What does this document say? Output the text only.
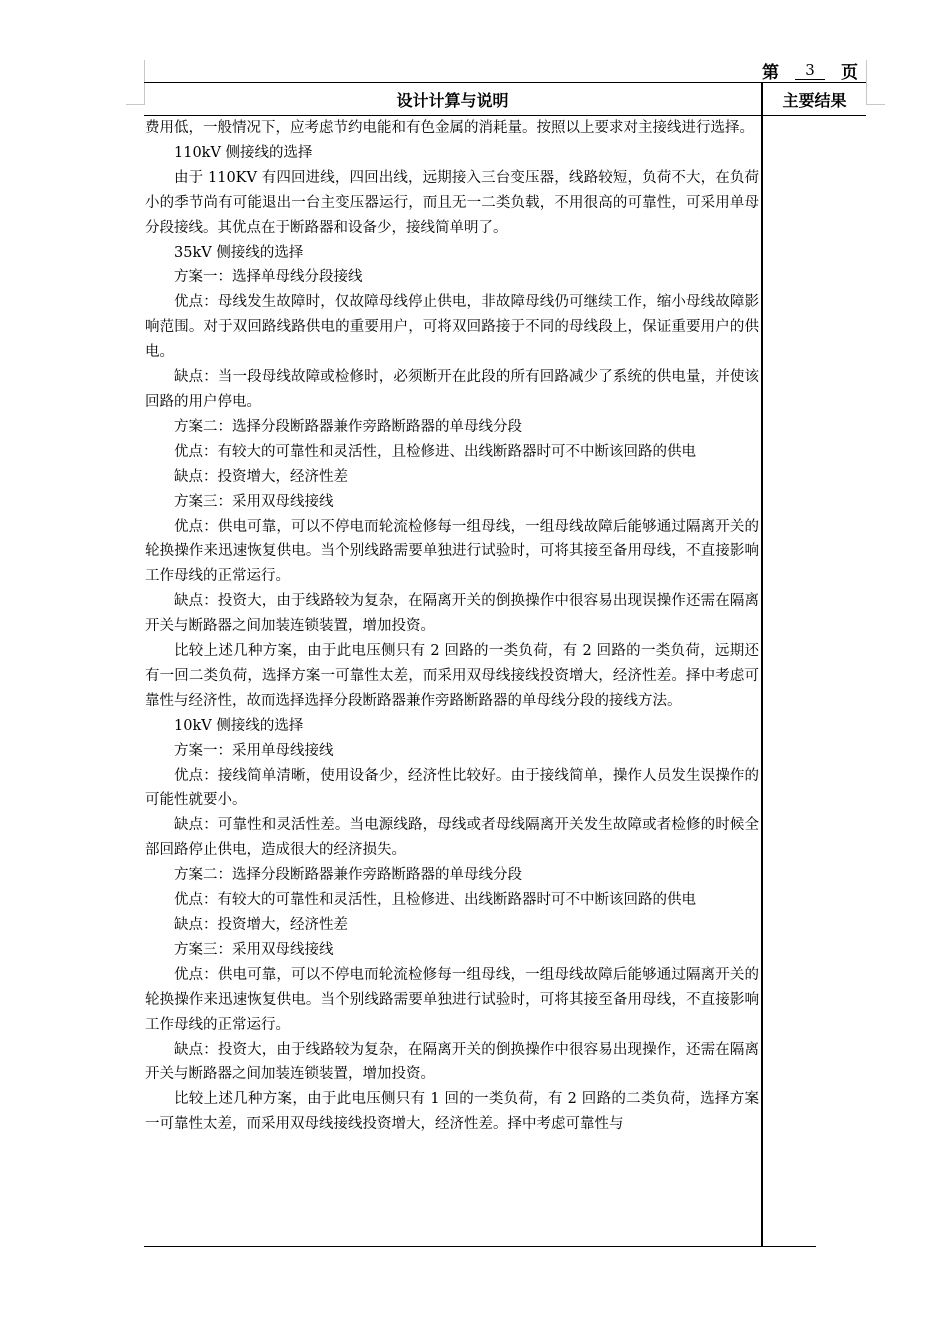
第	3	页
设计计算与说明	主要结果

费用低，一般情况下，应考虑节约电能和有色金属的消耗量。按照以上要求对主接线进行选择。

110kV 侧接线的选择

由于 110KV 有四回进线，四回出线，远期接入三台变压器，线路较短，负荷不大，在负荷小的季节尚有可能退出一台主变压器运行，而且无一二类负载，不用很高的可靠性，可采用单母分段接线。其优点在于断路器和设备少，接线简单明了。

35kV 侧接线的选择

方案一：选择单母线分段接线

优点：母线发生故障时，仅故障母线停止供电，非故障母线仍可继续工作，缩小母线故障影响范围。对于双回路线路供电的重要用户，可将双回路接于不同的母线段上，保证重要用户的供电。

缺点：当一段母线故障或检修时，必须断开在此段的所有回路减少了系统的供电量，并使该回路的用户停电。

方案二：选择分段断路器兼作旁路断路器的单母线分段

优点：有较大的可靠性和灵活性，且检修进、出线断路器时可不中断该回路的供电

缺点：投资增大，经济性差

方案三：采用双母线接线

优点：供电可靠，可以不停电而轮流检修每一组母线，一组母线故障后能够通过隔离开关的轮换操作来迅速恢复供电。当个别线路需要单独进行试验时，可将其接至备用母线，不直接影响工作母线的正常运行。

缺点：投资大，由于线路较为复杂，在隔离开关的倒换操作中很容易出现误操作还需在隔离开关与断路器之间加装连锁装置，增加投资。

比较上述几种方案，由于此电压侧只有 2 回路的一类负荷，有 2 回路的一类负荷，远期还有一回二类负荷，选择方案一可靠性太差，而采用双母线接线投资增大，经济性差。择中考虑可靠性与经济性，故而选择选择分段断路器兼作旁路断路器的单母线分段的接线方法。

10kV 侧接线的选择

方案一：采用单母线接线

优点：接线简单清晰，使用设备少，经济性比较好。由于接线简单，操作人员发生误操作的可能性就要小。

缺点：可靠性和灵活性差。当电源线路，母线或者母线隔离开关发生故障或者检修的时候全部回路停止供电，造成很大的经济损失。

方案二：选择分段断路器兼作旁路断路器的单母线分段

优点：有较大的可靠性和灵活性，且检修进、出线断路器时可不中断该回路的供电

缺点：投资增大，经济性差

方案三：采用双母线接线

优点：供电可靠，可以不停电而轮流检修每一组母线，一组母线故障后能够通过隔离开关的轮换操作来迅速恢复供电。当个别线路需要单独进行试验时，可将其接至备用母线，不直接影响工作母线的正常运行。

缺点：投资大，由于线路较为复杂，在隔离开关的倒换操作中很容易出现操作，还需在隔离开关与断路器之间加装连锁装置，增加投资。

比较上述几种方案，由于此电压侧只有 1 回的一类负荷，有 2 回路的二类负荷，选择方案一可靠性太差，而采用双母线接线投资增大，经济性差。择中考虑可靠性与
